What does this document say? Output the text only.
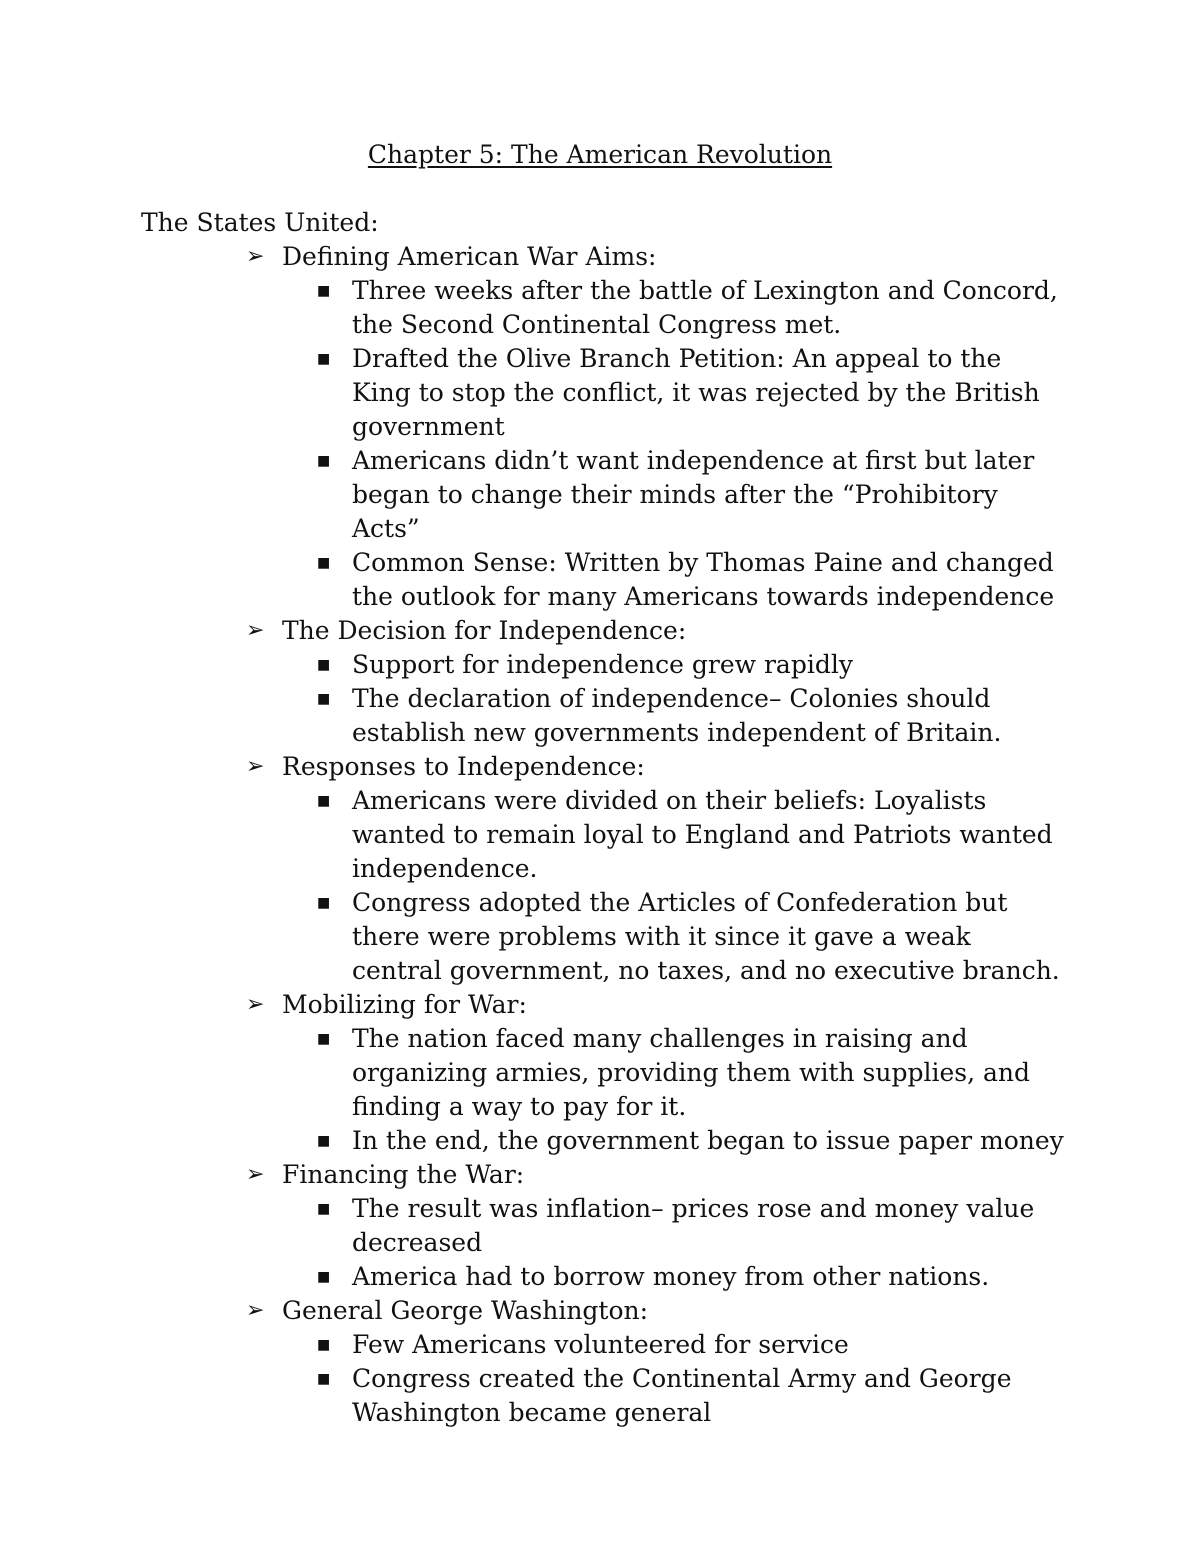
Chapter 5: The American Revolution
The States United:
➢ Defining American War Aims:
■ Three weeks after the battle of Lexington and Concord, the Second Continental Congress met.
■ Drafted the Olive Branch Petition: An appeal to the King to stop the conflict, it was rejected by the British government
■ Americans didn’t want independence at first but later began to change their minds after the “Prohibitory Acts”
■ Common Sense: Written by Thomas Paine and changed the outlook for many Americans towards independence
➢ The Decision for Independence:
■ Support for independence grew rapidly
■ The declaration of independence– Colonies should establish new governments independent of Britain.
➢ Responses to Independence:
■ Americans were divided on their beliefs: Loyalists wanted to remain loyal to England and Patriots wanted independence.
■ Congress adopted the Articles of Confederation but there were problems with it since it gave a weak central government, no taxes, and no executive branch.
➢ Mobilizing for War:
■ The nation faced many challenges in raising and organizing armies, providing them with supplies, and finding a way to pay for it.
■ In the end, the government began to issue paper money
➢ Financing the War:
■ The result was inflation– prices rose and money value decreased
■ America had to borrow money from other nations.
➢ General George Washington:
■ Few Americans volunteered for service
■ Congress created the Continental Army and George Washington became general
